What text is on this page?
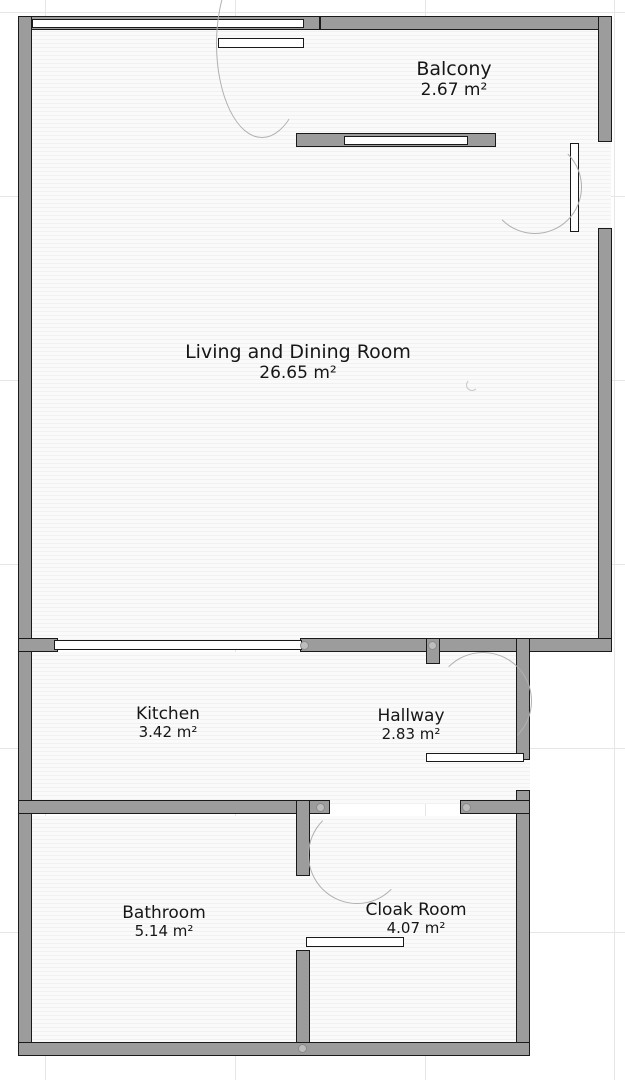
Balcony
2.67 m²
Living and Dining Room
26.65 m²
Kitchen
3.42 m²
Hallway
2.83 m²
Bathroom
5.14 m²
Cloak Room
4.07 m²
